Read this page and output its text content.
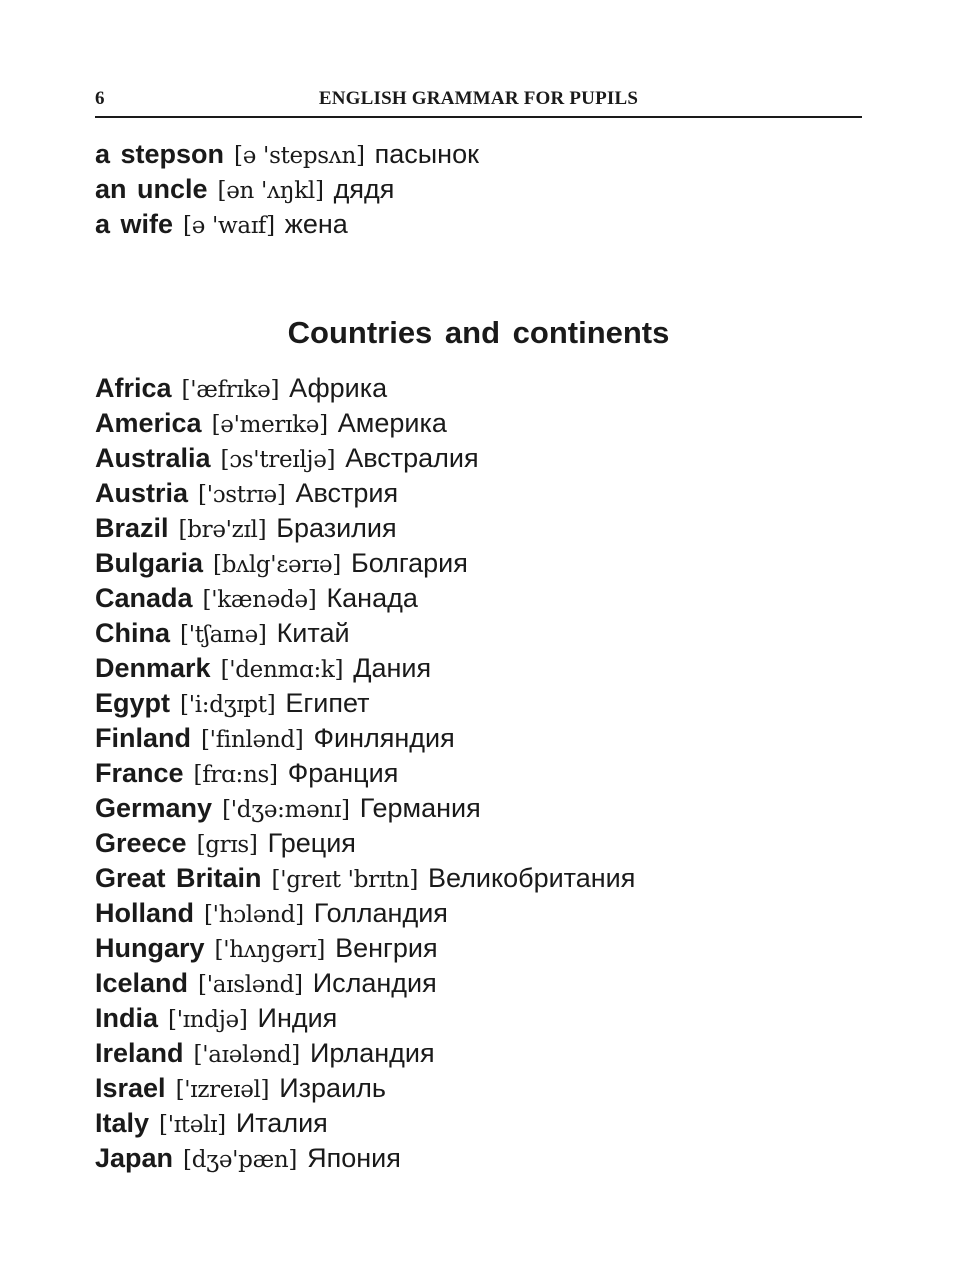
6	ENGLISH GRAMMAR FOR PUPILS
a stepson [ə 'stepsʌn] пасынок
an uncle [ən 'ʌŋkl] дядя
a wife [ə 'waɪf] жена
Countries and continents
Africa ['æfrɪkə] Африка
America [ə'merɪkə] Америка
Australia [ɔs'treɪljə] Австралия
Austria ['ɔstrɪə] Австрия
Brazil [brə'zɪl] Бразилия
Bulgaria [bʌlg'ɛərɪə] Болгария
Canada ['kænədə] Канада
China ['tʃaɪnə] Китай
Denmark ['denmɑ:k] Дания
Egypt ['i:dʒɪpt] Египет
Finland ['finlənd] Финляндия
France [frɑ:ns] Франция
Germany ['dʒə:mənɪ] Германия
Greece [grɪs] Греция
Great Britain ['greɪt 'brɪtn] Великобритания
Holland ['hɔlənd] Голландия
Hungary ['hʌŋgərɪ] Венгрия
Iceland ['aɪslənd] Исландия
India ['ɪndjə] Индия
Ireland ['aɪələnd] Ирландия
Israel ['ɪzreɪəl] Израиль
Italy ['ɪtəlɪ] Италия
Japan [dʒə'pæn] Япония
